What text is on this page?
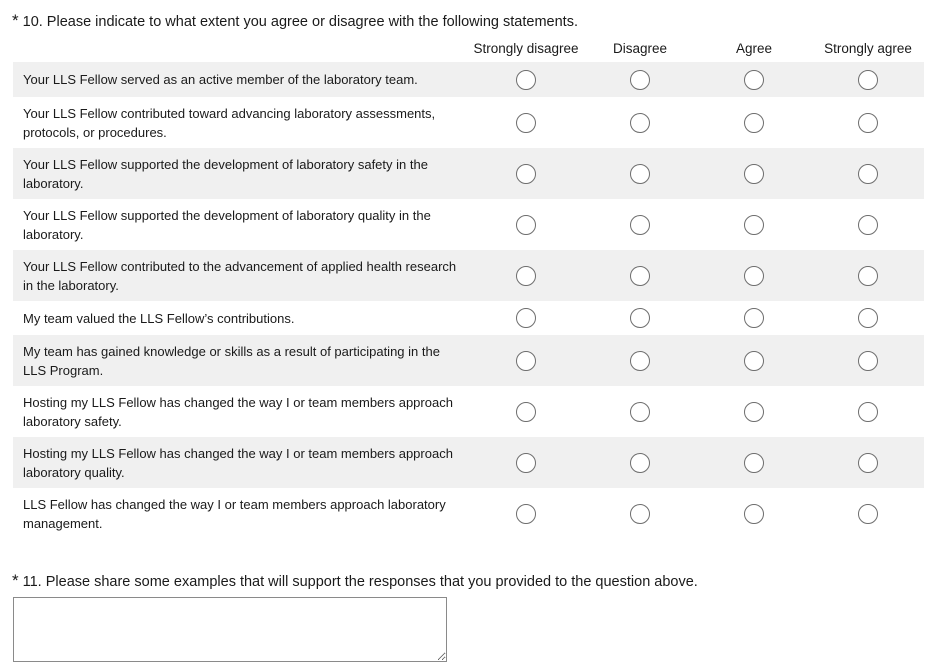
* 10. Please indicate to what extent you agree or disagree with the following statements.
Strongly disagree	Disagree	Agree	Strongly agree
Your LLS Fellow served as an active member of the laboratory team.
Your LLS Fellow contributed toward advancing laboratory assessments,
protocols, or procedures.
Your LLS Fellow supported the development of laboratory safety in the
laboratory.
Your LLS Fellow supported the development of laboratory quality in the
laboratory.
Your LLS Fellow contributed to the advancement of applied health research
in the laboratory.
My team valued the LLS Fellow’s contributions.
My team has gained knowledge or skills as a result of participating in the
LLS Program.
Hosting my LLS Fellow has changed the way I or team members approach
laboratory safety.
Hosting my LLS Fellow has changed the way I or team members approach
laboratory quality.
LLS Fellow has changed the way I or team members approach laboratory
management.
* 11. Please share some examples that will support the responses that you provided to the question above.
